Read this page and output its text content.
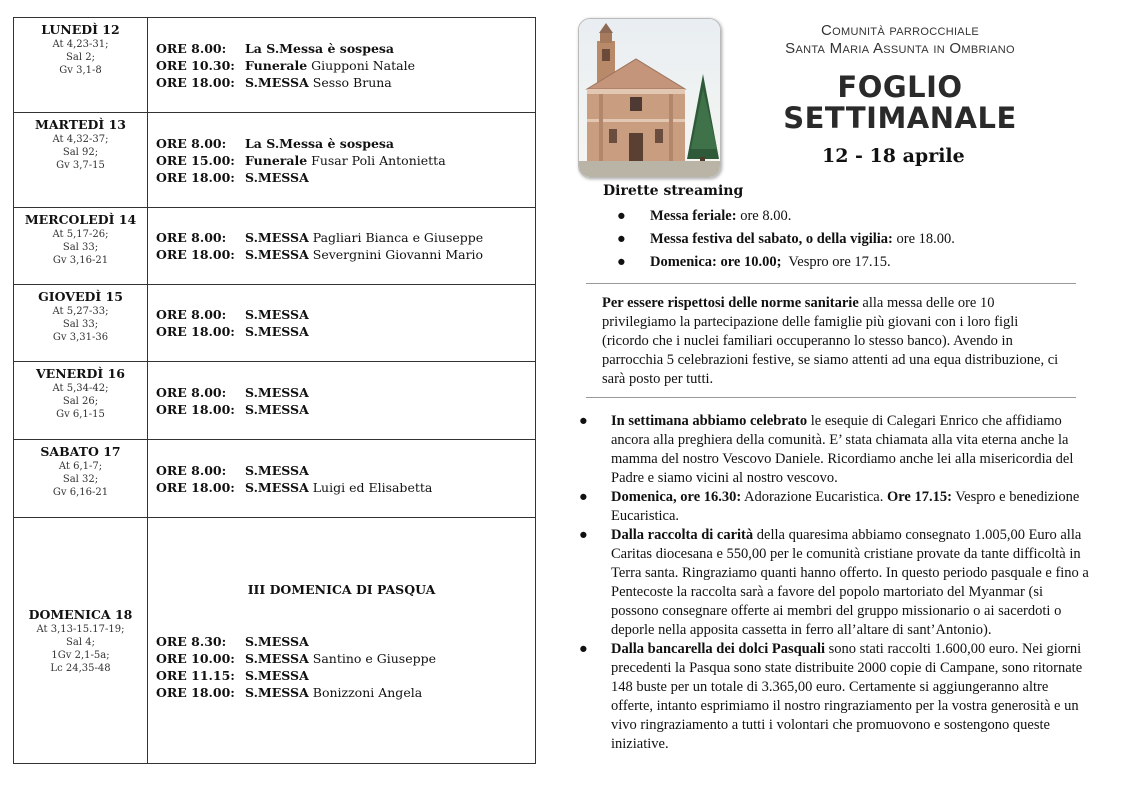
LUNEDÌ 12
At 4,23-31;
Sal 2;
Gv 3,1-8
ORE 8.00: La S.Messa è sospesa
ORE 10.30: Funerale Giupponi Natale
ORE 18.00: S.MESSA Sesso Bruna
MARTEDÌ 13
At 4,32-37;
Sal 92;
Gv 3,7-15
ORE 8.00: La S.Messa è sospesa
ORE 15.00: Funerale Fusar Poli Antonietta
ORE 18.00: S.MESSA
MERCOLEDÌ 14
At 5,17-26;
Sal 33;
Gv 3,16-21
ORE 8.00: S.MESSA Pagliari Bianca e Giuseppe
ORE 18.00: S.MESSA Severgnini Giovanni Mario
GIOVEDÌ 15
At 5,27-33;
Sal 33;
Gv 3,31-36
ORE 8.00: S.MESSA
ORE 18.00: S.MESSA
VENERDÌ 16
At 5,34-42;
Sal 26;
Gv 6,1-15
ORE 8.00: S.MESSA
ORE 18.00: S.MESSA
SABATO 17
At 6,1-7;
Sal 32;
Gv 6,16-21
ORE 8.00: S.MESSA
ORE 18.00: S.MESSA Luigi ed Elisabetta
DOMENICA 18
At 3,13-15.17-19;
Sal 4;
1Gv 2,1-5a;
Lc 24,35-48
III DOMENICA DI PASQUA
ORE 8.30: S.MESSA
ORE 10.00: S.MESSA Santino e Giuseppe
ORE 11.15: S.MESSA
ORE 18.00: S.MESSA Bonizzoni Angela
Comunità parrocchiale
Santa Maria Assunta in Ombriano
FOGLIO
SETTIMANALE
12 - 18 aprile
Dirette streaming
● Messa feriale: ore 8.00.
● Messa festiva del sabato, o della vigilia: ore 18.00.
● Domenica: ore 10.00;  Vespro ore 17.15.
Per essere rispettosi delle norme sanitarie alla messa delle ore 10 privilegiamo la partecipazione delle famiglie più giovani con i loro figli (ricordo che i nuclei familiari occuperanno lo stesso banco). Avendo in parrocchia 5 celebrazioni festive, se siamo attenti ad una equa distribuzione, ci sarà posto per tutti.
● In settimana abbiamo celebrato le esequie di Calegari Enrico che affidiamo ancora alla preghiera della comunità. E’ stata chiamata alla vita eterna anche la mamma del nostro Vescovo Daniele. Ricordiamo anche lei alla misericordia del Padre e siamo vicini al nostro vescovo.
● Domenica, ore 16.30: Adorazione Eucaristica. Ore 17.15: Vespro e benedizione Eucaristica.
● Dalla raccolta di carità della quaresima abbiamo consegnato 1.005,00 Euro alla Caritas diocesana e 550,00 per le comunità cristiane provate da tante difficoltà in Terra santa. Ringraziamo quanti hanno offerto. In questo periodo pasquale e fino a Pentecoste la raccolta sarà a favore del popolo martoriato del Myanmar (si possono consegnare offerte ai membri del gruppo missionario o ai sacerdoti o deporle nella apposita cassetta in ferro all’altare di sant’Antonio).
● Dalla bancarella dei dolci Pasquali sono stati raccolti 1.600,00 euro. Nei giorni precedenti la Pasqua sono state distribuite 2000 copie di Campane, sono ritornate 148 buste per un totale di 3.365,00 euro. Certamente si aggiungeranno altre offerte, intanto esprimiamo il nostro ringraziamento per la vostra generosità e un vivo ringraziamento a tutti i volontari che promuovono e sostengono queste iniziative.
